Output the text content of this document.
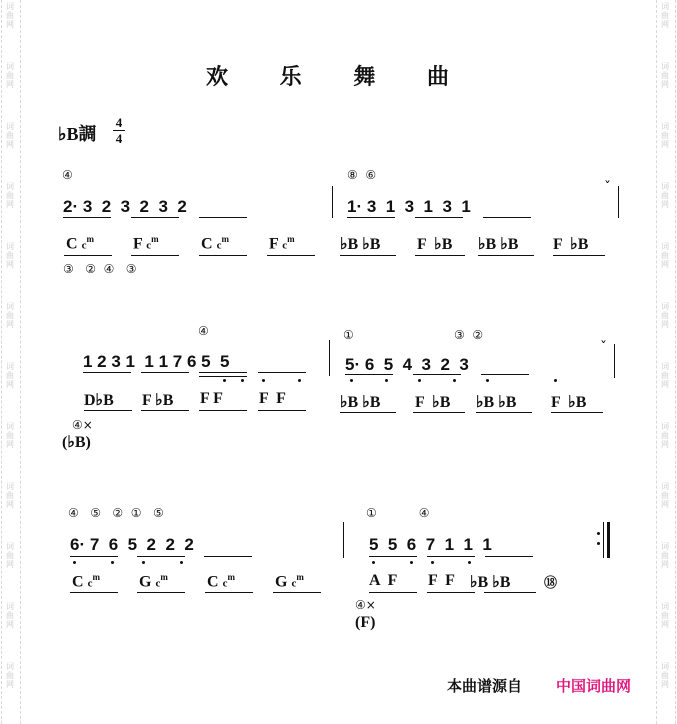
词
曲
网
词
曲
网
词
曲
网
词
曲
网
词
曲
网
词
曲
网
词
曲
网
词
曲
网
词
曲
网
词
曲
网
词
曲
网
词
曲
网
词
曲
网
词
曲
网
词
曲
网
词
曲
网
词
曲
网
词
曲
网
词
曲
网
词
曲
网
词
曲
网
词
曲
网
词
曲
网
词
曲
网
欢 乐 舞 曲
♭B調
4
4
④	⑧  ⑥
2· 3  2  3  2  3  2	1· 3  1  3  1  3  1
ˇ
C $c^m$ F $c^m$	C $c^m$	F $c^m$	♭B ♭B F  ♭B ♭B ♭B F  ♭B
③   ②  ④   ③
④	①	③  ②
1 2 3 1  1 1 7 6 5  5	5· 6  5  4  3  2  3
ˇ
D♭B F ♭B F F F  F	♭B ♭B F  ♭B ♭B ♭B F  ♭B
④×
(♭B)
④   ⑤   ②  ①   ⑤	①           ④
6· 7  6  5  2  2  2	5  5  6  7  1  1  1
C $c^m$ G $c^m$ C $c^m$	G $c^m$	A  F F  F ♭B ♭B	⑱
④×
(F)
本曲谱源自 中国词曲网
